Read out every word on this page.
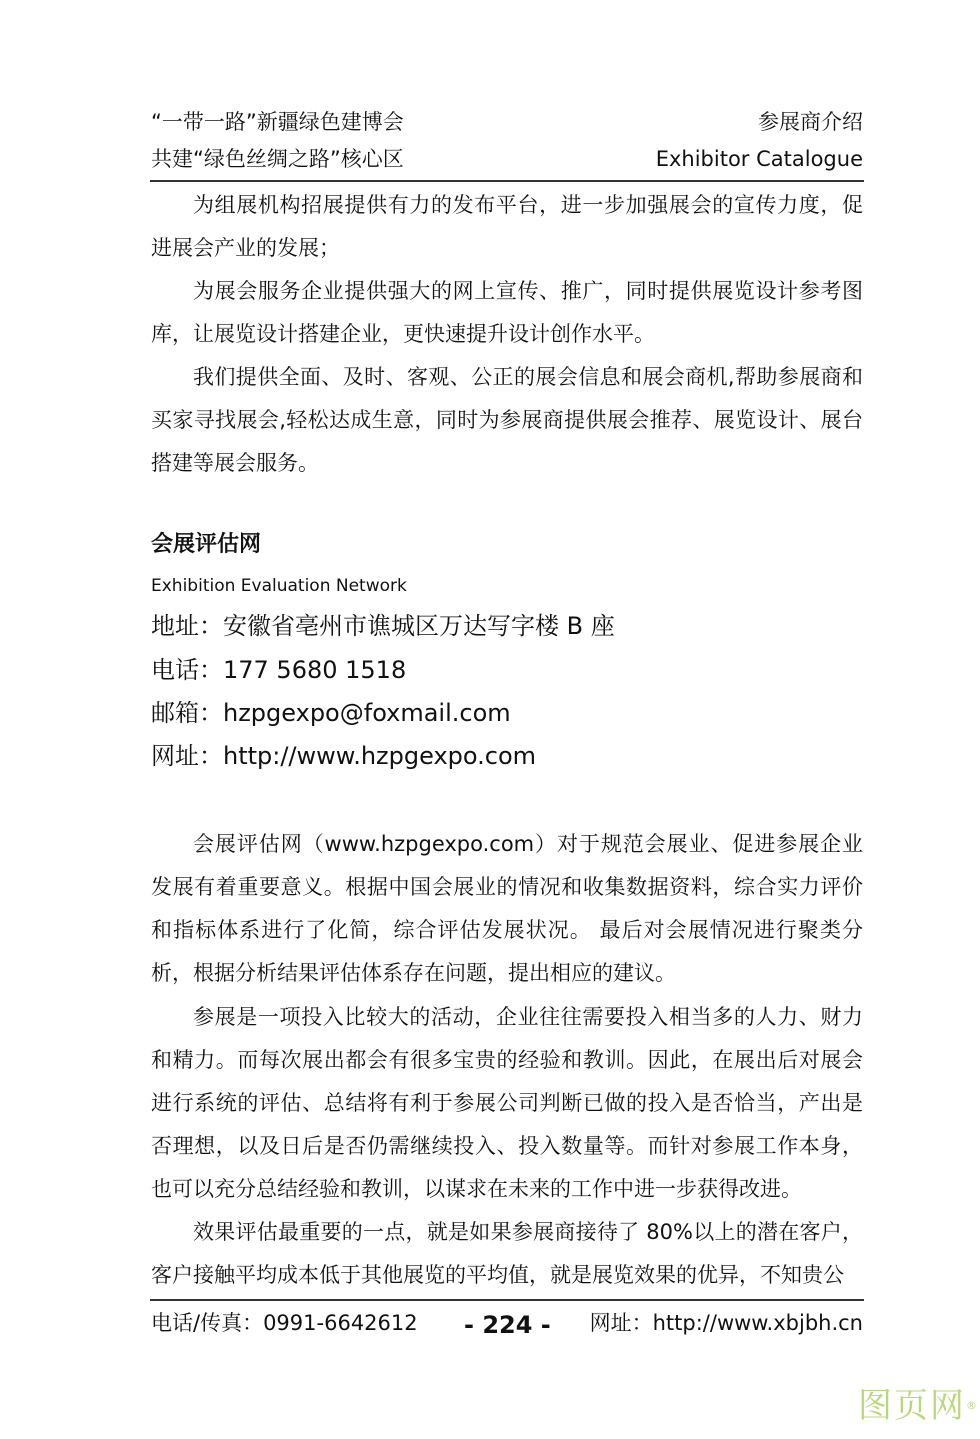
“一带一路”新疆绿色建博会	参展商介绍
共建“绿色丝绸之路”核心区	Exhibitor Catalogue

为组展机构招展提供有力的发布平台，进一步加强展会的宣传力度，促进展会产业的发展；

为展会服务企业提供强大的网上宣传、推广，同时提供展览设计参考图库，让展览设计搭建企业，更快速提升设计创作水平。

我们提供全面、及时、客观、公正的展会信息和展会商机,帮助参展商和买家寻找展会,轻松达成生意，同时为参展商提供展会推荐、展览设计、展台搭建等展会服务。

会展评估网
Exhibition Evaluation Network
地址：安徽省亳州市谯城区万达写字楼 B 座
电话：177 5680 1518
邮箱：hzpgexpo@foxmail.com
网址：http://www.hzpgexpo.com

会展评估网（www.hzpgexpo.com）对于规范会展业、促进参展企业发展有着重要意义。根据中国会展业的情况和收集数据资料，综合实力评价和指标体系进行了化简，综合评估发展状况。 最后对会展情况进行聚类分析，根据分析结果评估体系存在问题，提出相应的建议。

参展是一项投入比较大的活动，企业往往需要投入相当多的人力、财力和精力。而每次展出都会有很多宝贵的经验和教训。因此，在展出后对展会进行系统的评估、总结将有利于参展公司判断已做的投入是否恰当，产出是否理想，以及日后是否仍需继续投入、投入数量等。而针对参展工作本身，也可以充分总结经验和教训，以谋求在未来的工作中进一步获得改进。

效果评估最重要的一点，就是如果参展商接待了 80%以上的潜在客户，客户接触平均成本低于其他展览的平均值，就是展览效果的优异，不知贵公

电话/传真：0991-6642612 - 224 - 网址：http://www.xbjbh.cn
图页网®
